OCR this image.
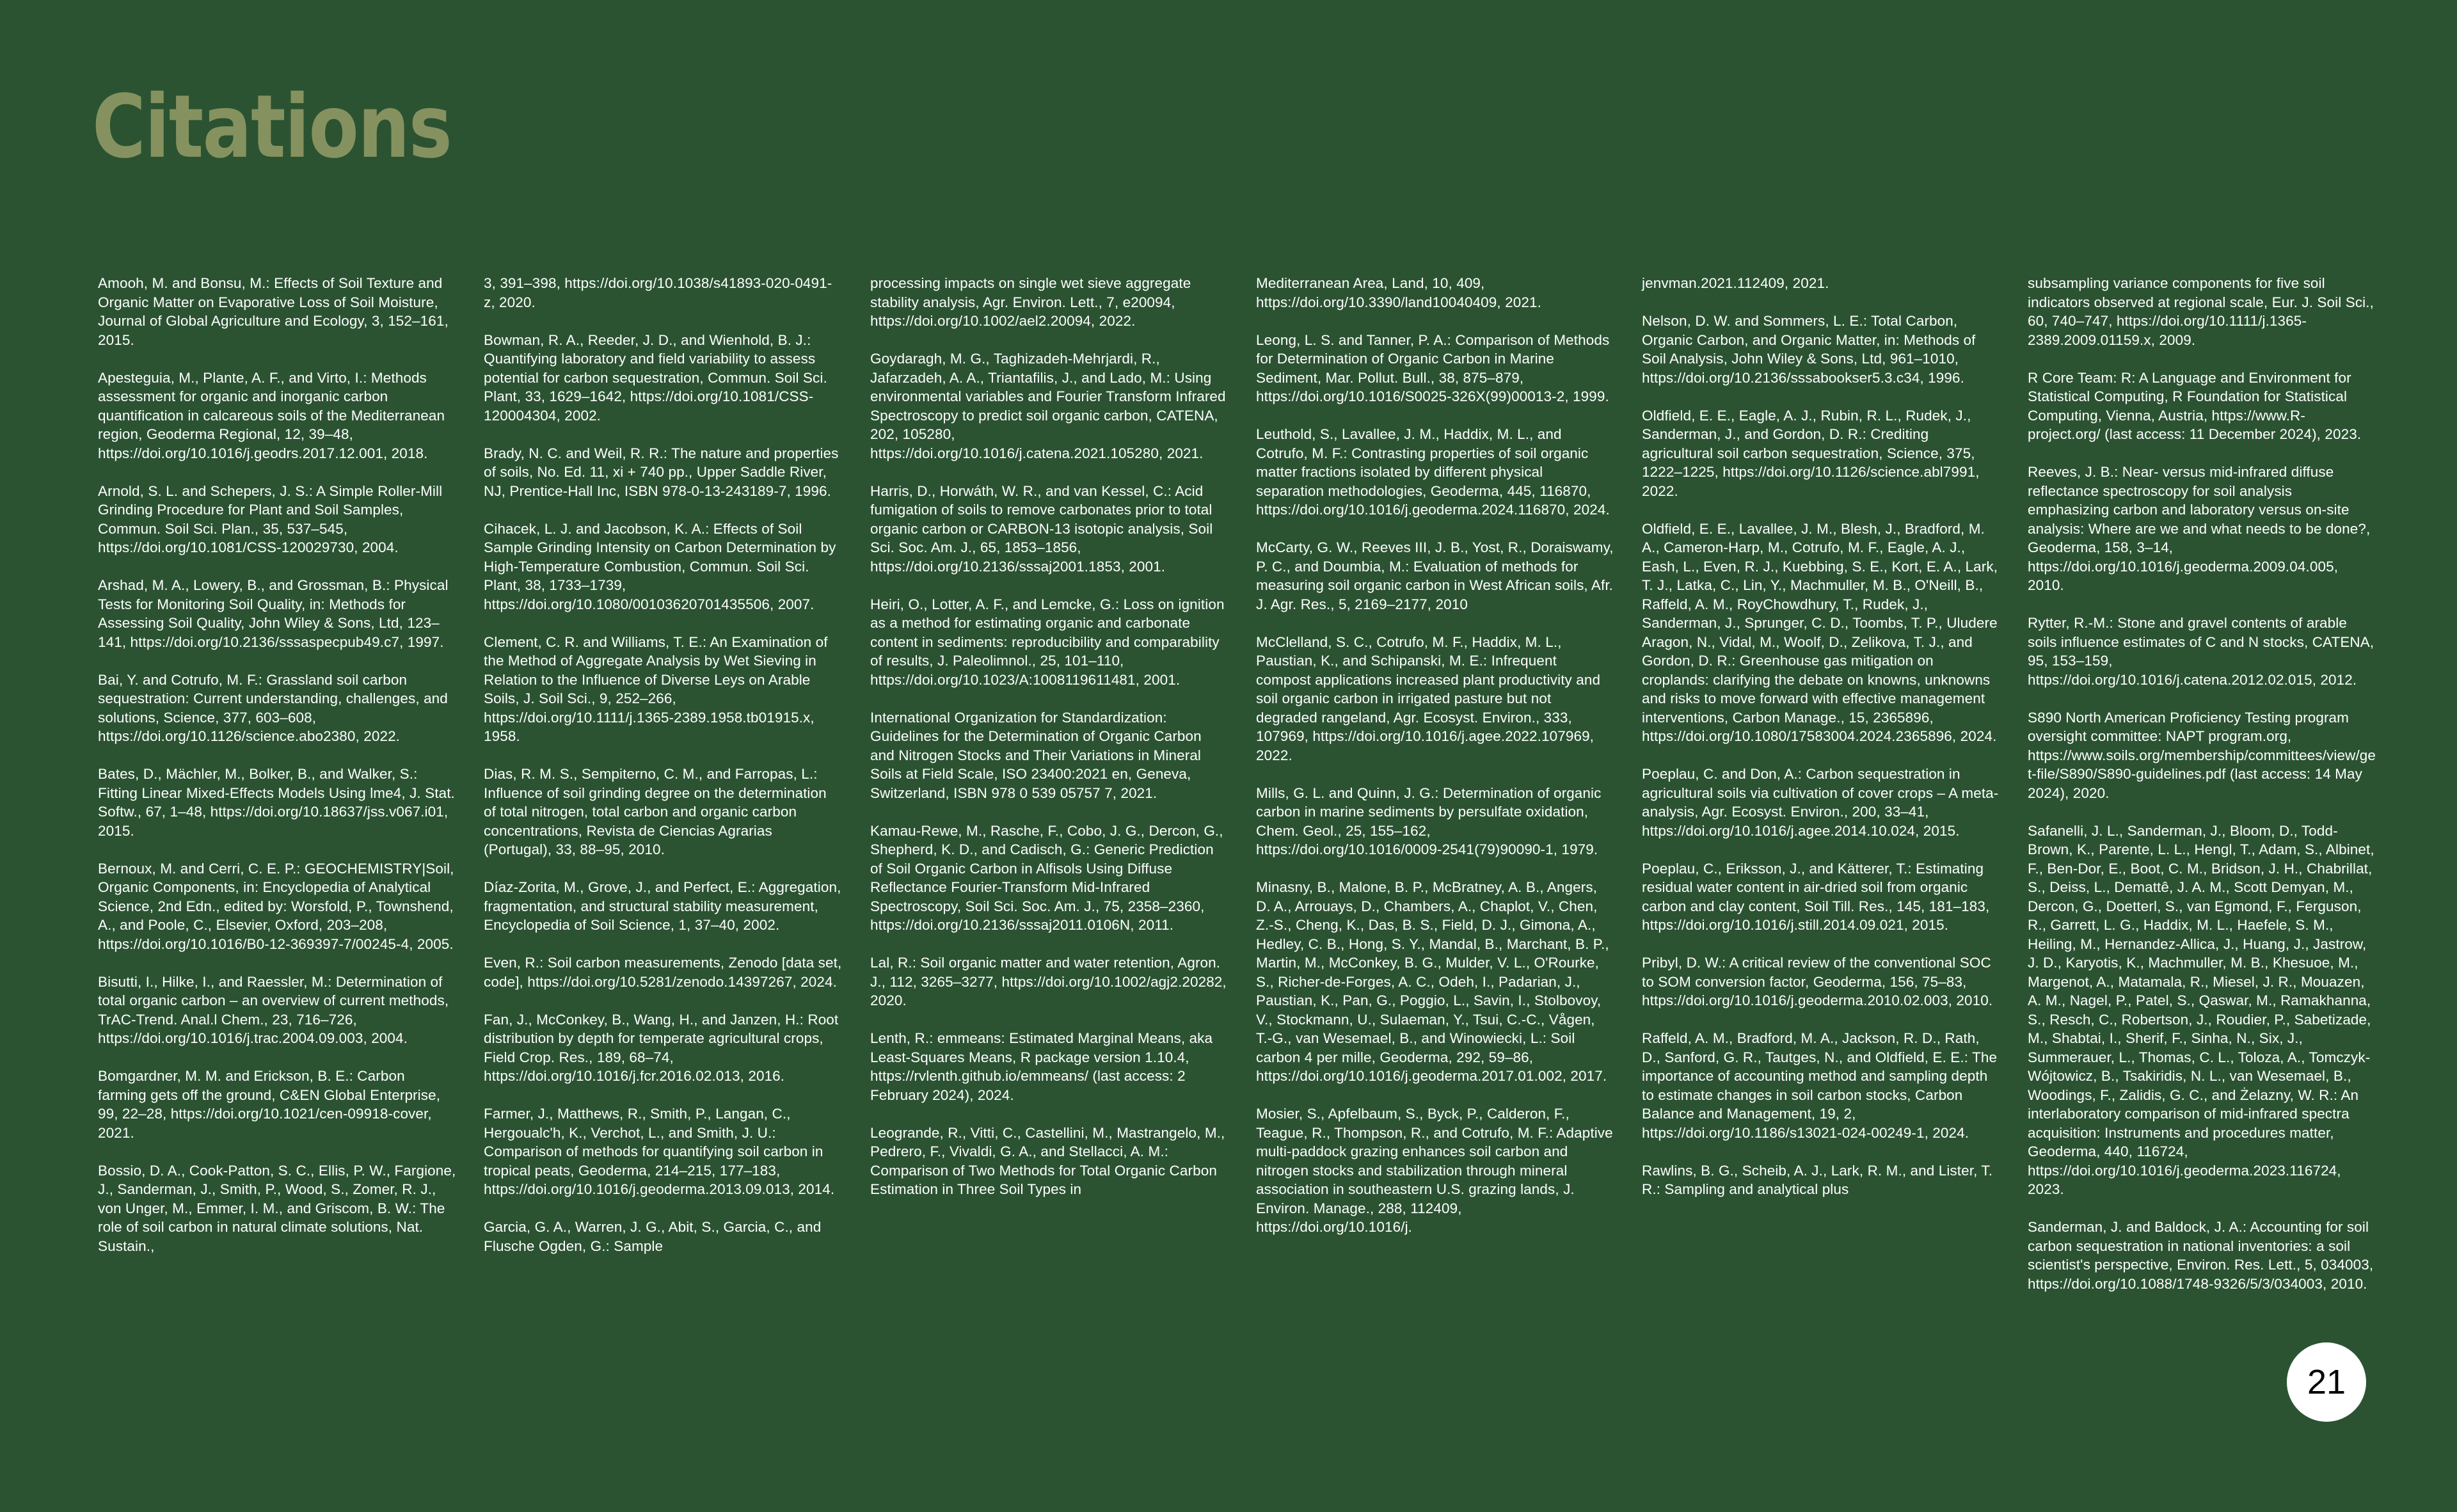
Citations

Amooh, M. and Bonsu, M.: Effects of Soil Texture and Organic Matter on Evaporative Loss of Soil Moisture, Journal of Global Agriculture and Ecology, 3, 152–161, 2015.

Apesteguia, M., Plante, A. F., and Virto, I.: Methods assessment for organic and inorganic carbon quantification in calcareous soils of the Mediterranean region, Geoderma Regional, 12, 39–48, https://doi.org/10.1016/j.geodrs.2017.12.001, 2018.

Arnold, S. L. and Schepers, J. S.: A Simple Roller-Mill Grinding Procedure for Plant and Soil Samples, Commun. Soil Sci. Plan., 35, 537–545, https://doi.org/10.1081/CSS-120029730, 2004.

Arshad, M. A., Lowery, B., and Grossman, B.: Physical Tests for Monitoring Soil Quality, in: Methods for Assessing Soil Quality, John Wiley & Sons, Ltd, 123–141, https://doi.org/10.2136/sssaspecpub49.c7, 1997.

Bai, Y. and Cotrufo, M. F.: Grassland soil carbon sequestration: Current understanding, challenges, and solutions, Science, 377, 603–608, https://doi.org/10.1126/science.abo2380, 2022.

Bates, D., Mächler, M., Bolker, B., and Walker, S.: Fitting Linear Mixed-Effects Models Using lme4, J. Stat. Softw., 67, 1–48, https://doi.org/10.18637/jss.v067.i01, 2015.

Bernoux, M. and Cerri, C. E. P.: GEOCHEMISTRY|Soil, Organic Components, in: Encyclopedia of Analytical Science, 2nd Edn., edited by: Worsfold, P., Townshend, A., and Poole, C., Elsevier, Oxford, 203–208, https://doi.org/10.1016/B0-12-369397-7/00245-4, 2005.

Bisutti, I., Hilke, I., and Raessler, M.: Determination of total organic carbon – an overview of current methods, TrAC-Trend. Anal.l Chem., 23, 716–726, https://doi.org/10.1016/j.trac.2004.09.003, 2004.

Bomgardner, M. M. and Erickson, B. E.: Carbon farming gets off the ground, C&EN Global Enterprise, 99, 22–28, https://doi.org/10.1021/cen-09918-cover, 2021.

Bossio, D. A., Cook-Patton, S. C., Ellis, P. W., Fargione, J., Sanderman, J., Smith, P., Wood, S., Zomer, R. J., von Unger, M., Emmer, I. M., and Griscom, B. W.: The role of soil carbon in natural climate solutions, Nat. Sustain.,

3, 391–398, https://doi.org/10.1038/s41893-020-0491-z, 2020.

Bowman, R. A., Reeder, J. D., and Wienhold, B. J.: Quantifying laboratory and field variability to assess potential for carbon sequestration, Commun. Soil Sci. Plant, 33, 1629–1642, https://doi.org/10.1081/CSS-120004304, 2002.

Brady, N. C. and Weil, R. R.: The nature and properties of soils, No. Ed. 11, xi + 740 pp., Upper Saddle River, NJ, Prentice-Hall Inc, ISBN 978-0-13-243189-7, 1996.

Cihacek, L. J. and Jacobson, K. A.: Effects of Soil Sample Grinding Intensity on Carbon Determination by High-Temperature Combustion, Commun. Soil Sci. Plant, 38, 1733–1739, https://doi.org/10.1080/00103620701435506, 2007.

Clement, C. R. and Williams, T. E.: An Examination of the Method of Aggregate Analysis by Wet Sieving in Relation to the Influence of Diverse Leys on Arable Soils, J. Soil Sci., 9, 252–266, https://doi.org/10.1111/j.1365-2389.1958.tb01915.x, 1958.

Dias, R. M. S., Sempiterno, C. M., and Farropas, L.: Influence of soil grinding degree on the determination of total nitrogen, total carbon and organic carbon concentrations, Revista de Ciencias Agrarias (Portugal), 33, 88–95, 2010.

Díaz-Zorita, M., Grove, J., and Perfect, E.: Aggregation, fragmentation, and structural stability measurement, Encyclopedia of Soil Science, 1, 37–40, 2002.

Even, R.: Soil carbon measurements, Zenodo [data set, code], https://doi.org/10.5281/zenodo.14397267, 2024.

Fan, J., McConkey, B., Wang, H., and Janzen, H.: Root distribution by depth for temperate agricultural crops, Field Crop. Res., 189, 68–74, https://doi.org/10.1016/j.fcr.2016.02.013, 2016.

Farmer, J., Matthews, R., Smith, P., Langan, C., Hergoualc'h, K., Verchot, L., and Smith, J. U.: Comparison of methods for quantifying soil carbon in tropical peats, Geoderma, 214–215, 177–183, https://doi.org/10.1016/j.geoderma.2013.09.013, 2014.

Garcia, G. A., Warren, J. G., Abit, S., Garcia, C., and Flusche Ogden, G.: Sample

processing impacts on single wet sieve aggregate stability analysis, Agr. Environ. Lett., 7, e20094, https://doi.org/10.1002/ael2.20094, 2022.

Goydaragh, M. G., Taghizadeh-Mehrjardi, R., Jafarzadeh, A. A., Triantafilis, J., and Lado, M.: Using environmental variables and Fourier Transform Infrared Spectroscopy to predict soil organic carbon, CATENA, 202, 105280, https://doi.org/10.1016/j.catena.2021.105280, 2021.

Harris, D., Horwáth, W. R., and van Kessel, C.: Acid fumigation of soils to remove carbonates prior to total organic carbon or CARBON-13 isotopic analysis, Soil Sci. Soc. Am. J., 65, 1853–1856, https://doi.org/10.2136/sssaj2001.1853, 2001.

Heiri, O., Lotter, A. F., and Lemcke, G.: Loss on ignition as a method for estimating organic and carbonate content in sediments: reproducibility and comparability of results, J. Paleolimnol., 25, 101–110, https://doi.org/10.1023/A:1008119611481, 2001.

International Organization for Standardization: Guidelines for the Determination of Organic Carbon and Nitrogen Stocks and Their Variations in Mineral Soils at Field Scale, ISO 23400:2021 en, Geneva, Switzerland, ISBN 978 0 539 05757 7, 2021.

Kamau-Rewe, M., Rasche, F., Cobo, J. G., Dercon, G., Shepherd, K. D., and Cadisch, G.: Generic Prediction of Soil Organic Carbon in Alfisols Using Diffuse Reflectance Fourier-Transform Mid-Infrared Spectroscopy, Soil Sci. Soc. Am. J., 75, 2358–2360, https://doi.org/10.2136/sssaj2011.0106N, 2011.

Lal, R.: Soil organic matter and water retention, Agron. J., 112, 3265–3277, https://doi.org/10.1002/agj2.20282, 2020.

Lenth, R.: emmeans: Estimated Marginal Means, aka Least-Squares Means, R package version 1.10.4, https://rvlenth.github.io/emmeans/ (last access: 2 February 2024), 2024.

Leogrande, R., Vitti, C., Castellini, M., Mastrangelo, M., Pedrero, F., Vivaldi, G. A., and Stellacci, A. M.: Comparison of Two Methods for Total Organic Carbon Estimation in Three Soil Types in

Mediterranean Area, Land, 10, 409, https://doi.org/10.3390/land10040409, 2021.

Leong, L. S. and Tanner, P. A.: Comparison of Methods for Determination of Organic Carbon in Marine Sediment, Mar. Pollut. Bull., 38, 875–879, https://doi.org/10.1016/S0025-326X(99)00013-2, 1999.

Leuthold, S., Lavallee, J. M., Haddix, M. L., and Cotrufo, M. F.: Contrasting properties of soil organic matter fractions isolated by different physical separation methodologies, Geoderma, 445, 116870, https://doi.org/10.1016/j.geoderma.2024.116870, 2024.

McCarty, G. W., Reeves III, J. B., Yost, R., Doraiswamy, P. C., and Doumbia, M.: Evaluation of methods for measuring soil organic carbon in West African soils, Afr. J. Agr. Res., 5, 2169–2177, 2010

McClelland, S. C., Cotrufo, M. F., Haddix, M. L., Paustian, K., and Schipanski, M. E.: Infrequent compost applications increased plant productivity and soil organic carbon in irrigated pasture but not degraded rangeland, Agr. Ecosyst. Environ., 333, 107969, https://doi.org/10.1016/j.agee.2022.107969, 2022.

Mills, G. L. and Quinn, J. G.: Determination of organic carbon in marine sediments by persulfate oxidation, Chem. Geol., 25, 155–162, https://doi.org/10.1016/0009-2541(79)90090-1, 1979.

Minasny, B., Malone, B. P., McBratney, A. B., Angers, D. A., Arrouays, D., Chambers, A., Chaplot, V., Chen, Z.-S., Cheng, K., Das, B. S., Field, D. J., Gimona, A., Hedley, C. B., Hong, S. Y., Mandal, B., Marchant, B. P., Martin, M., McConkey, B. G., Mulder, V. L., O'Rourke, S., Richer-de-Forges, A. C., Odeh, I., Padarian, J., Paustian, K., Pan, G., Poggio, L., Savin, I., Stolbovoy, V., Stockmann, U., Sulaeman, Y., Tsui, C.-C., Vågen, T.-G., van Wesemael, B., and Winowiecki, L.: Soil carbon 4 per mille, Geoderma, 292, 59–86, https://doi.org/10.1016/j.geoderma.2017.01.002, 2017.

Mosier, S., Apfelbaum, S., Byck, P., Calderon, F., Teague, R., Thompson, R., and Cotrufo, M. F.: Adaptive multi-paddock grazing enhances soil carbon and nitrogen stocks and stabilization through mineral association in southeastern U.S. grazing lands, J. Environ. Manage., 288, 112409, https://doi.org/10.1016/j.

jenvman.2021.112409, 2021.

Nelson, D. W. and Sommers, L. E.: Total Carbon, Organic Carbon, and Organic Matter, in: Methods of Soil Analysis, John Wiley & Sons, Ltd, 961–1010, https://doi.org/10.2136/sssabookser5.3.c34, 1996.

Oldfield, E. E., Eagle, A. J., Rubin, R. L., Rudek, J., Sanderman, J., and Gordon, D. R.: Crediting agricultural soil carbon sequestration, Science, 375, 1222–1225, https://doi.org/10.1126/science.abl7991, 2022.

Oldfield, E. E., Lavallee, J. M., Blesh, J., Bradford, M. A., Cameron-Harp, M., Cotrufo, M. F., Eagle, A. J., Eash, L., Even, R. J., Kuebbing, S. E., Kort, E. A., Lark, T. J., Latka, C., Lin, Y., Machmuller, M. B., O'Neill, B., Raffeld, A. M., RoyChowdhury, T., Rudek, J., Sanderman, J., Sprunger, C. D., Toombs, T. P., Uludere Aragon, N., Vidal, M., Woolf, D., Zelikova, T. J., and Gordon, D. R.: Greenhouse gas mitigation on croplands: clarifying the debate on knowns, unknowns and risks to move forward with effective management interventions, Carbon Manage., 15, 2365896, https://doi.org/10.1080/17583004.2024.2365896, 2024.

Poeplau, C. and Don, A.: Carbon sequestration in agricultural soils via cultivation of cover crops – A meta-analysis, Agr. Ecosyst. Environ., 200, 33–41, https://doi.org/10.1016/j.agee.2014.10.024, 2015.

Poeplau, C., Eriksson, J., and Kätterer, T.: Estimating residual water content in air-dried soil from organic carbon and clay content, Soil Till. Res., 145, 181–183, https://doi.org/10.1016/j.still.2014.09.021, 2015.

Pribyl, D. W.: A critical review of the conventional SOC to SOM conversion factor, Geoderma, 156, 75–83, https://doi.org/10.1016/j.geoderma.2010.02.003, 2010.

Raffeld, A. M., Bradford, M. A., Jackson, R. D., Rath, D., Sanford, G. R., Tautges, N., and Oldfield, E. E.: The importance of accounting method and sampling depth to estimate changes in soil carbon stocks, Carbon Balance and Management, 19, 2, https://doi.org/10.1186/s13021-024-00249-1, 2024.

Rawlins, B. G., Scheib, A. J., Lark, R. M., and Lister, T. R.: Sampling and analytical plus

subsampling variance components for five soil indicators observed at regional scale, Eur. J. Soil Sci., 60, 740–747, https://doi.org/10.1111/j.1365-2389.2009.01159.x, 2009.

R Core Team: R: A Language and Environment for Statistical Computing, R Foundation for Statistical Computing, Vienna, Austria, https://www.R-project.org/ (last access: 11 December 2024), 2023.

Reeves, J. B.: Near- versus mid-infrared diffuse reflectance spectroscopy for soil analysis emphasizing carbon and laboratory versus on-site analysis: Where are we and what needs to be done?, Geoderma, 158, 3–14, https://doi.org/10.1016/j.geoderma.2009.04.005, 2010.

Rytter, R.-M.: Stone and gravel contents of arable soils influence estimates of C and N stocks, CATENA, 95, 153–159, https://doi.org/10.1016/j.catena.2012.02.015, 2012.

S890 North American Proficiency Testing program oversight committee: NAPT program.org, https://www.soils.org/membership/committees/view/get-file/S890/S890-guidelines.pdf (last access: 14 May 2024), 2020.

Safanelli, J. L., Sanderman, J., Bloom, D., Todd-Brown, K., Parente, L. L., Hengl, T., Adam, S., Albinet, F., Ben-Dor, E., Boot, C. M., Bridson, J. H., Chabrillat, S., Deiss, L., Demattê, J. A. M., Scott Demyan, M., Dercon, G., Doetterl, S., van Egmond, F., Ferguson, R., Garrett, L. G., Haddix, M. L., Haefele, S. M., Heiling, M., Hernandez-Allica, J., Huang, J., Jastrow, J. D., Karyotis, K., Machmuller, M. B., Khesuoe, M., Margenot, A., Matamala, R., Miesel, J. R., Mouazen, A. M., Nagel, P., Patel, S., Qaswar, M., Ramakhanna, S., Resch, C., Robertson, J., Roudier, P., Sabetizade, M., Shabtai, I., Sherif, F., Sinha, N., Six, J., Summerauer, L., Thomas, C. L., Toloza, A., Tomczyk-Wójtowicz, B., Tsakiridis, N. L., van Wesemael, B., Woodings, F., Zalidis, G. C., and Żelazny, W. R.: An interlaboratory comparison of mid-infrared spectra acquisition: Instruments and procedures matter, Geoderma, 440, 116724, https://doi.org/10.1016/j.geoderma.2023.116724, 2023.

Sanderman, J. and Baldock, J. A.: Accounting for soil carbon sequestration in national inventories: a soil scientist's perspective, Environ. Res. Lett., 5, 034003, https://doi.org/10.1088/1748-9326/5/3/034003, 2010.

21
